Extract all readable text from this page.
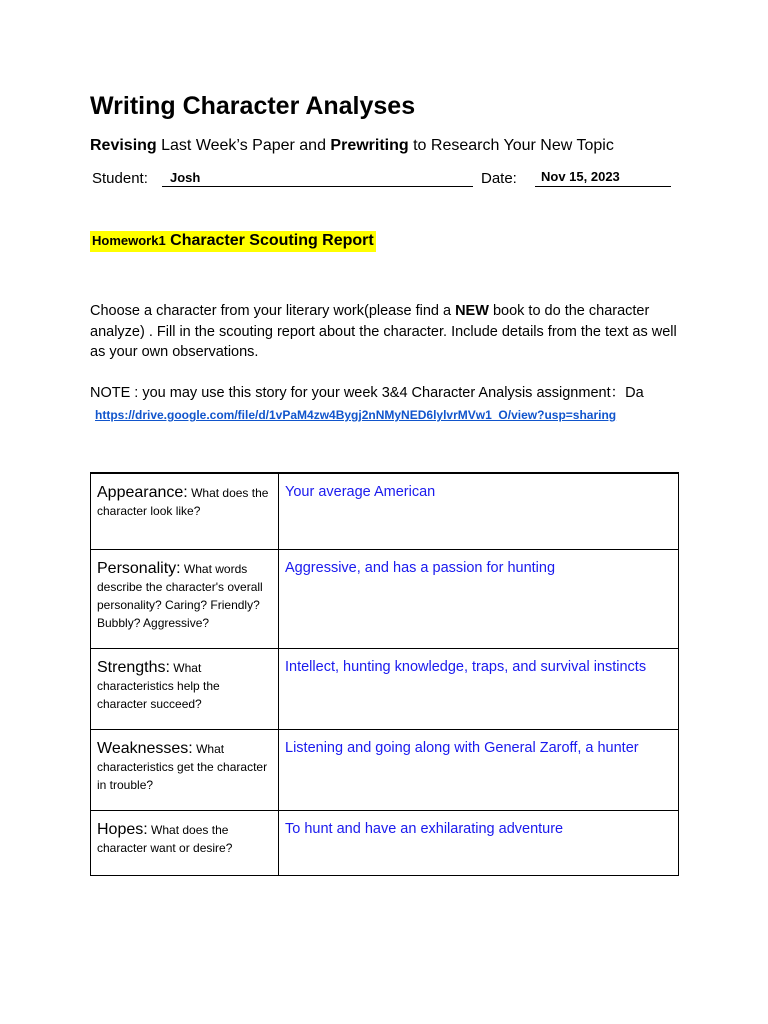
Writing Character Analyses

Revising Last Week’s Paper and Prewriting to Research Your New Topic

Student:	Josh	Date:	Nov 15, 2023
Homework1 Character Scouting Report

Choose a character from your literary work(please find a NEW book to do the character analyze) . Fill in the scouting report about the character. Include details from the text as well as your own observations.

NOTE : you may use this story for your week 3&4 Character Analysis assignment：Da

https://drive.google.com/file/d/1vPaM4zw4Bygj2nNMyNED6lylvrMVw1_O/view?usp=sharing
Appearance: What does the character look like?	Your average American
Personality: What words describe the character's overall personality? Caring? Friendly? Bubbly? Aggressive?	Aggressive, and has a passion for hunting
Strengths: What characteristics help the character succeed?	Intellect, hunting knowledge, traps, and survival instincts
Weaknesses: What characteristics get the character in trouble?	Listening and going along with General Zaroff, a hunter
Hopes: What does the character want or desire?	To hunt and have an exhilarating adventure
